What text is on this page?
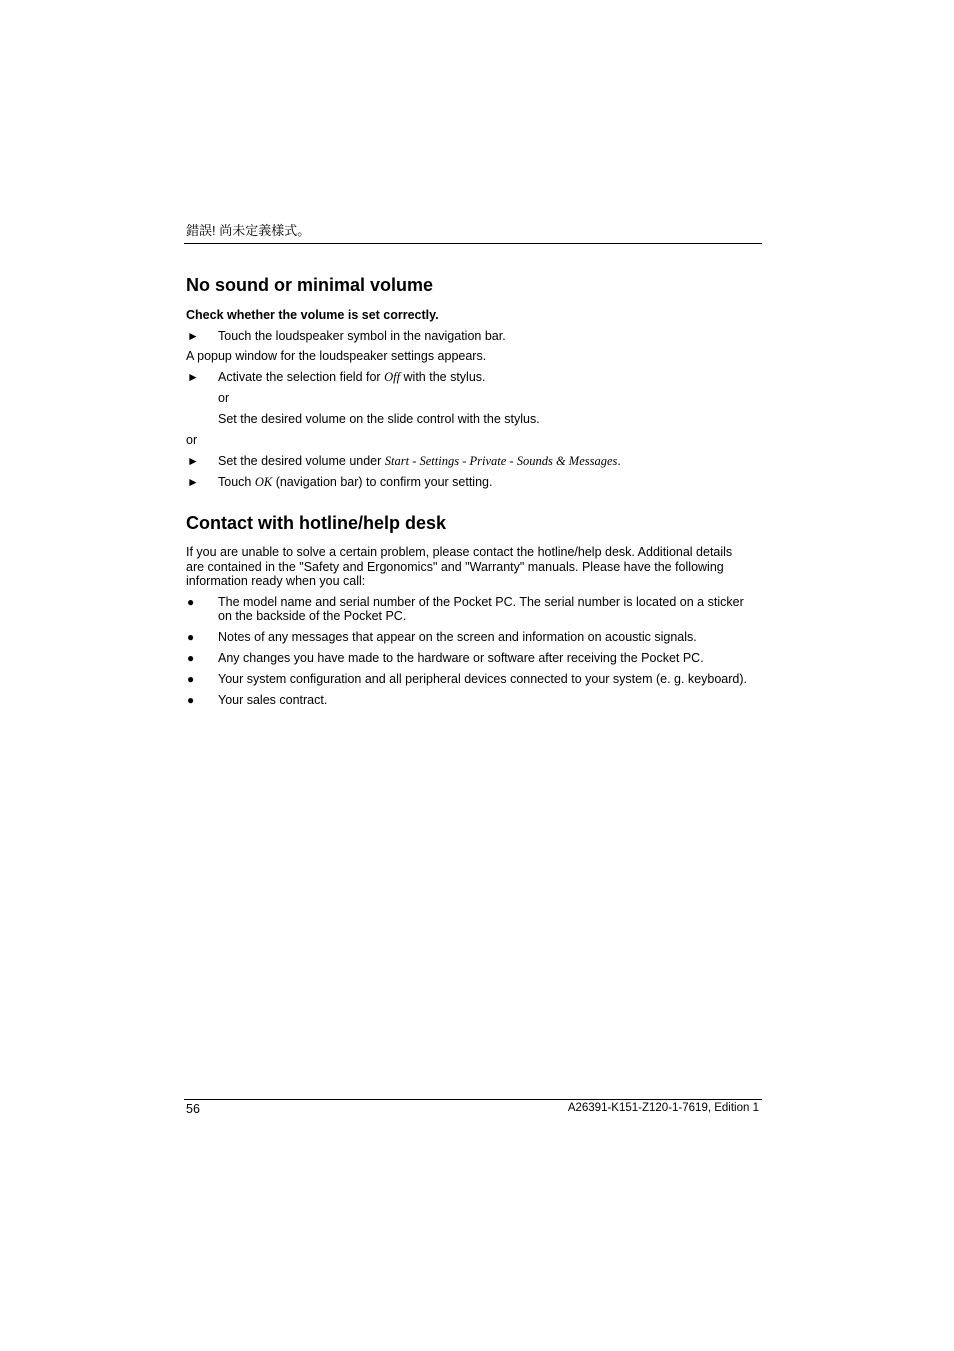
錯誤! 尚未定義樣式。
No sound or minimal volume

Check whether the volume is set correctly.

► Touch the loudspeaker symbol in the navigation bar.

A popup window for the loudspeaker settings appears.

► Activate the selection field for Off with the stylus.

or

Set the desired volume on the slide control with the stylus.

or

► Set the desired volume under Start - Settings - Private - Sounds & Messages.

► Touch OK (navigation bar) to confirm your setting.

Contact with hotline/help desk

If you are unable to solve a certain problem, please contact the hotline/help desk. Additional details

are contained in the "Safety and Ergonomics" and "Warranty" manuals. Please have the following

information ready when you call:

● The model name and serial number of the Pocket PC. The serial number is located on a sticker

on the backside of the Pocket PC.

● Notes of any messages that appear on the screen and information on acoustic signals.

● Any changes you have made to the hardware or software after receiving the Pocket PC.

● Your system configuration and all peripheral devices connected to your system (e. g. keyboard).

● Your sales contract.

56	A26391-K151-Z120-1-7619, Edition 1
